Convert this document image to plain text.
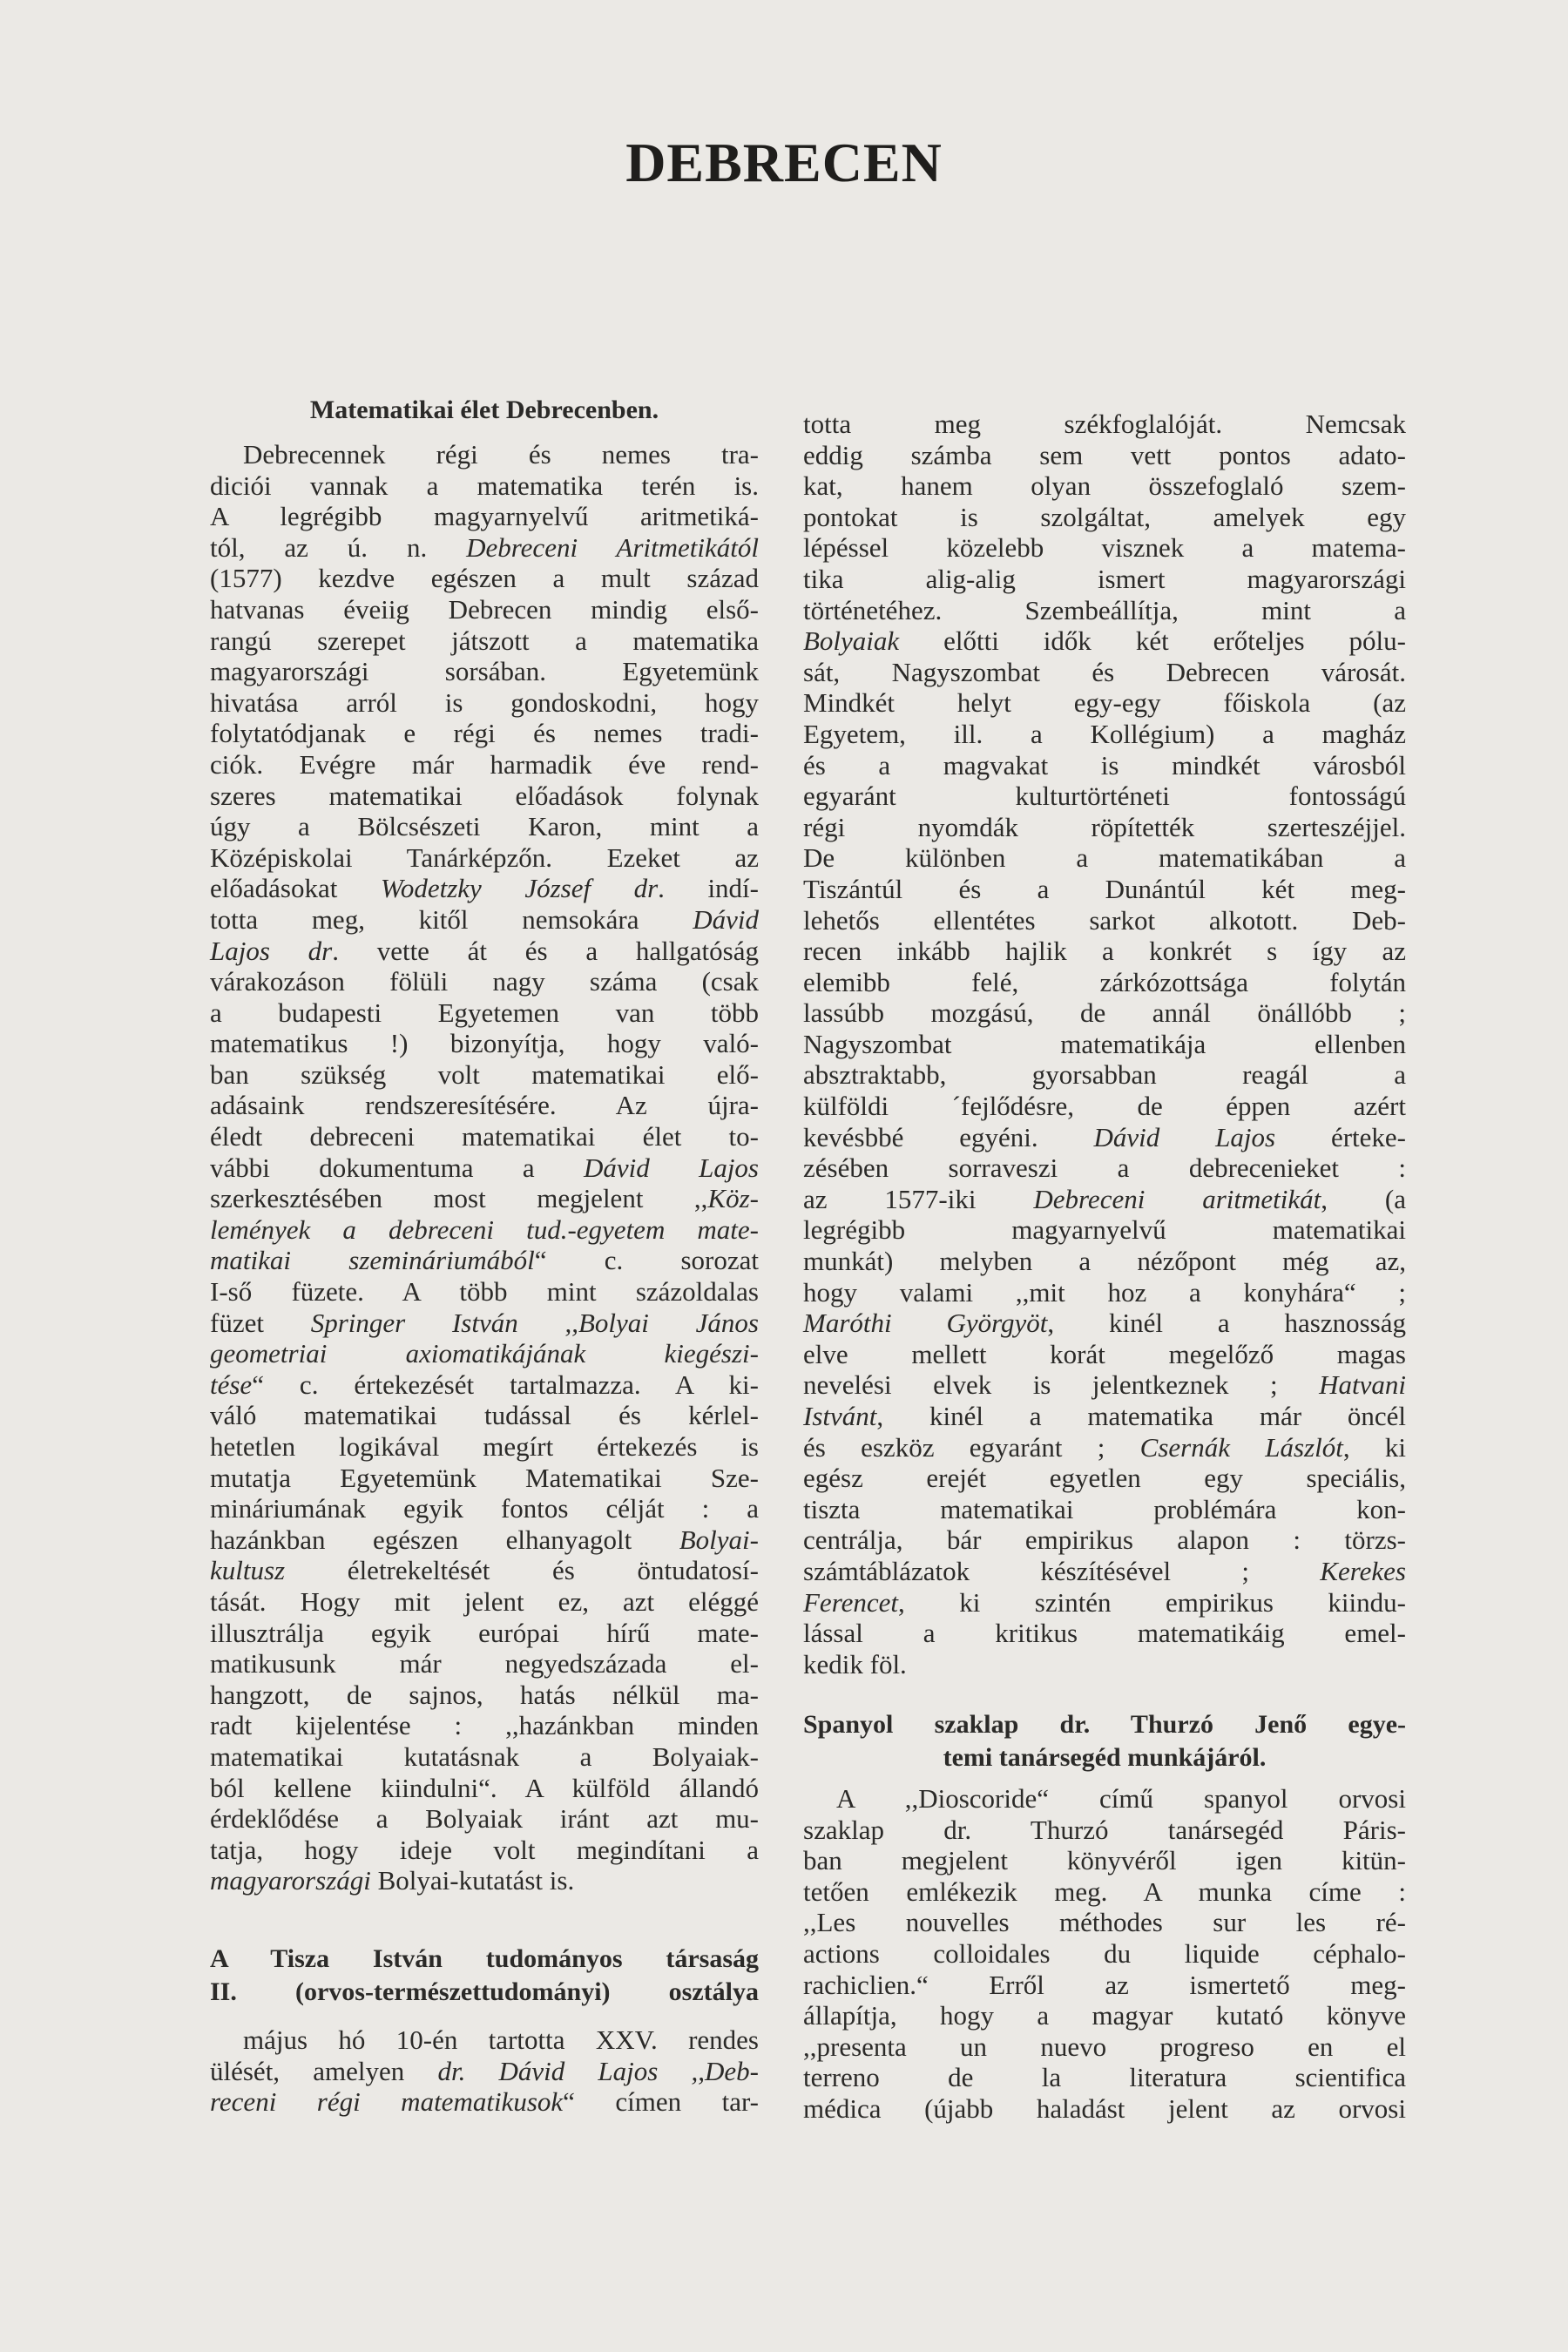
DEBRECEN
Matematikai élet Debrecenben.
Debrecennek régi és nemes tra-
diciói vannak a matematika terén is.
A legrégibb magyarnyelvű aritmetiká-
tól, az ú. n. Debreceni Aritmetikától
(1577) kezdve egészen a mult század
hatvanas éveiig Debrecen mindig első-
rangú szerepet játszott a matematika
magyarországi sorsában. Egyetemünk
hivatása arról is gondoskodni, hogy
folytatódjanak e régi és nemes tradi-
ciók. Evégre már harmadik éve rend-
szeres matematikai előadások folynak
úgy a Bölcsészeti Karon, mint a
Középiskolai Tanárképzőn. Ezeket az
előadásokat Wodetzky József dr. indí-
totta meg, kitől nemsokára Dávid
Lajos dr. vette át és a hallgatóság
várakozáson fölüli nagy száma (csak
a budapesti Egyetemen van több
matematikus !) bizonyítja, hogy való-
ban szükség volt matematikai elő-
adásaink rendszeresítésére. Az újra-
éledt debreceni matematikai élet to-
vábbi dokumentuma a Dávid Lajos
szerkesztésében most megjelent ,,Köz-
lemények a debreceni tud.-egyetem mate-
matikai szemináriumából“ c. sorozat
I-ső füzete. A több mint százoldalas
füzet Springer István ,,Bolyai János
geometriai axiomatikájának kiegészi-
tése“ c. értekezését tartalmazza. A ki-
váló matematikai tudással és kérlel-
hetetlen logikával megírt értekezés is
mutatja Egyetemünk Matematikai Sze-
mináriumának egyik fontos célját : a
hazánkban egészen elhanyagolt Bolyai-
kultusz életrekeltését és öntudatosí-
tását. Hogy mit jelent ez, azt eléggé
illusztrálja egyik európai hírű mate-
matikusunk már negyedszázada el-
hangzott, de sajnos, hatás nélkül ma-
radt kijelentése : ,,hazánkban minden
matematikai kutatásnak a Bolyaiak-
ból kellene kiindulni“. A külföld állandó
érdeklődése a Bolyaiak iránt azt mu-
tatja, hogy ideje volt megindítani a
magyarországi Bolyai-kutatást is.
A Tisza István tudományos társaság
II. (orvos-természettudományi) osztálya
május hó 10-én tartotta XXV. rendes
ülését, amelyen dr. Dávid Lajos ,,Deb-
receni régi matematikusok“ címen tar-
totta meg székfoglalóját. Nemcsak
eddig számba sem vett pontos adato-
kat, hanem olyan összefoglaló szem-
pontokat is szolgáltat, amelyek egy
lépéssel közelebb visznek a matema-
tika alig-alig ismert magyarországi
történetéhez. Szembeállítja, mint a
Bolyaiak előtti idők két erőteljes pólu-
sát, Nagyszombat és Debrecen városát.
Mindkét helyt egy-egy főiskola (az
Egyetem, ill. a Kollégium) a magház
és a magvakat is mindkét városból
egyaránt kulturtörténeti fontosságú
régi nyomdák röpítették szerteszéjjel.
De különben a matematikában a
Tiszántúl és a Dunántúl két meg-
lehetős ellentétes sarkot alkotott. Deb-
recen inkább hajlik a konkrét s így az
elemibb felé, zárkózottsága folytán
lassúbb mozgású, de annál önállóbb ;
Nagyszombat matematikája ellenben
absztraktabb, gyorsabban reagál a
külföldi ´fejlődésre, de éppen azért
kevésbbé egyéni. Dávid Lajos érteke-
zésében sorraveszi a debrecenieket :
az 1577-iki Debreceni aritmetikát, (a
legrégibb magyarnyelvű matematikai
munkát) melyben a nézőpont még az,
hogy valami ,,mit hoz a konyhára“ ;
Maróthi Györgyöt, kinél a hasznosság
elve mellett korát megelőző magas
nevelési elvek is jelentkeznek ; Hatvani
Istvánt, kinél a matematika már öncél
és eszköz egyaránt ; Csernák Lászlót, ki
egész erejét egyetlen egy speciális,
tiszta matematikai problémára kon-
centrálja, bár empirikus alapon : törzs-
számtáblázatok készítésével ; Kerekes
Ferencet, ki szintén empirikus kiindu-
lással a kritikus matematikáig emel-
kedik föl.
Spanyol szaklap dr. Thurzó Jenő egye-
temi tanársegéd munkájáról.
A ,,Dioscoride“ című spanyol orvosi
szaklap dr. Thurzó tanársegéd Páris-
ban megjelent könyvéről igen kitün-
tetően emlékezik meg. A munka címe :
,,Les nouvelles méthodes sur les ré-
actions colloidales du liquide céphalo-
rachiclien.“ Erről az ismertető meg-
állapítja, hogy a magyar kutató könyve
,,presenta un nuevo progreso en el
terreno de la literatura scientifica
médica (újabb haladást jelent az orvosi
